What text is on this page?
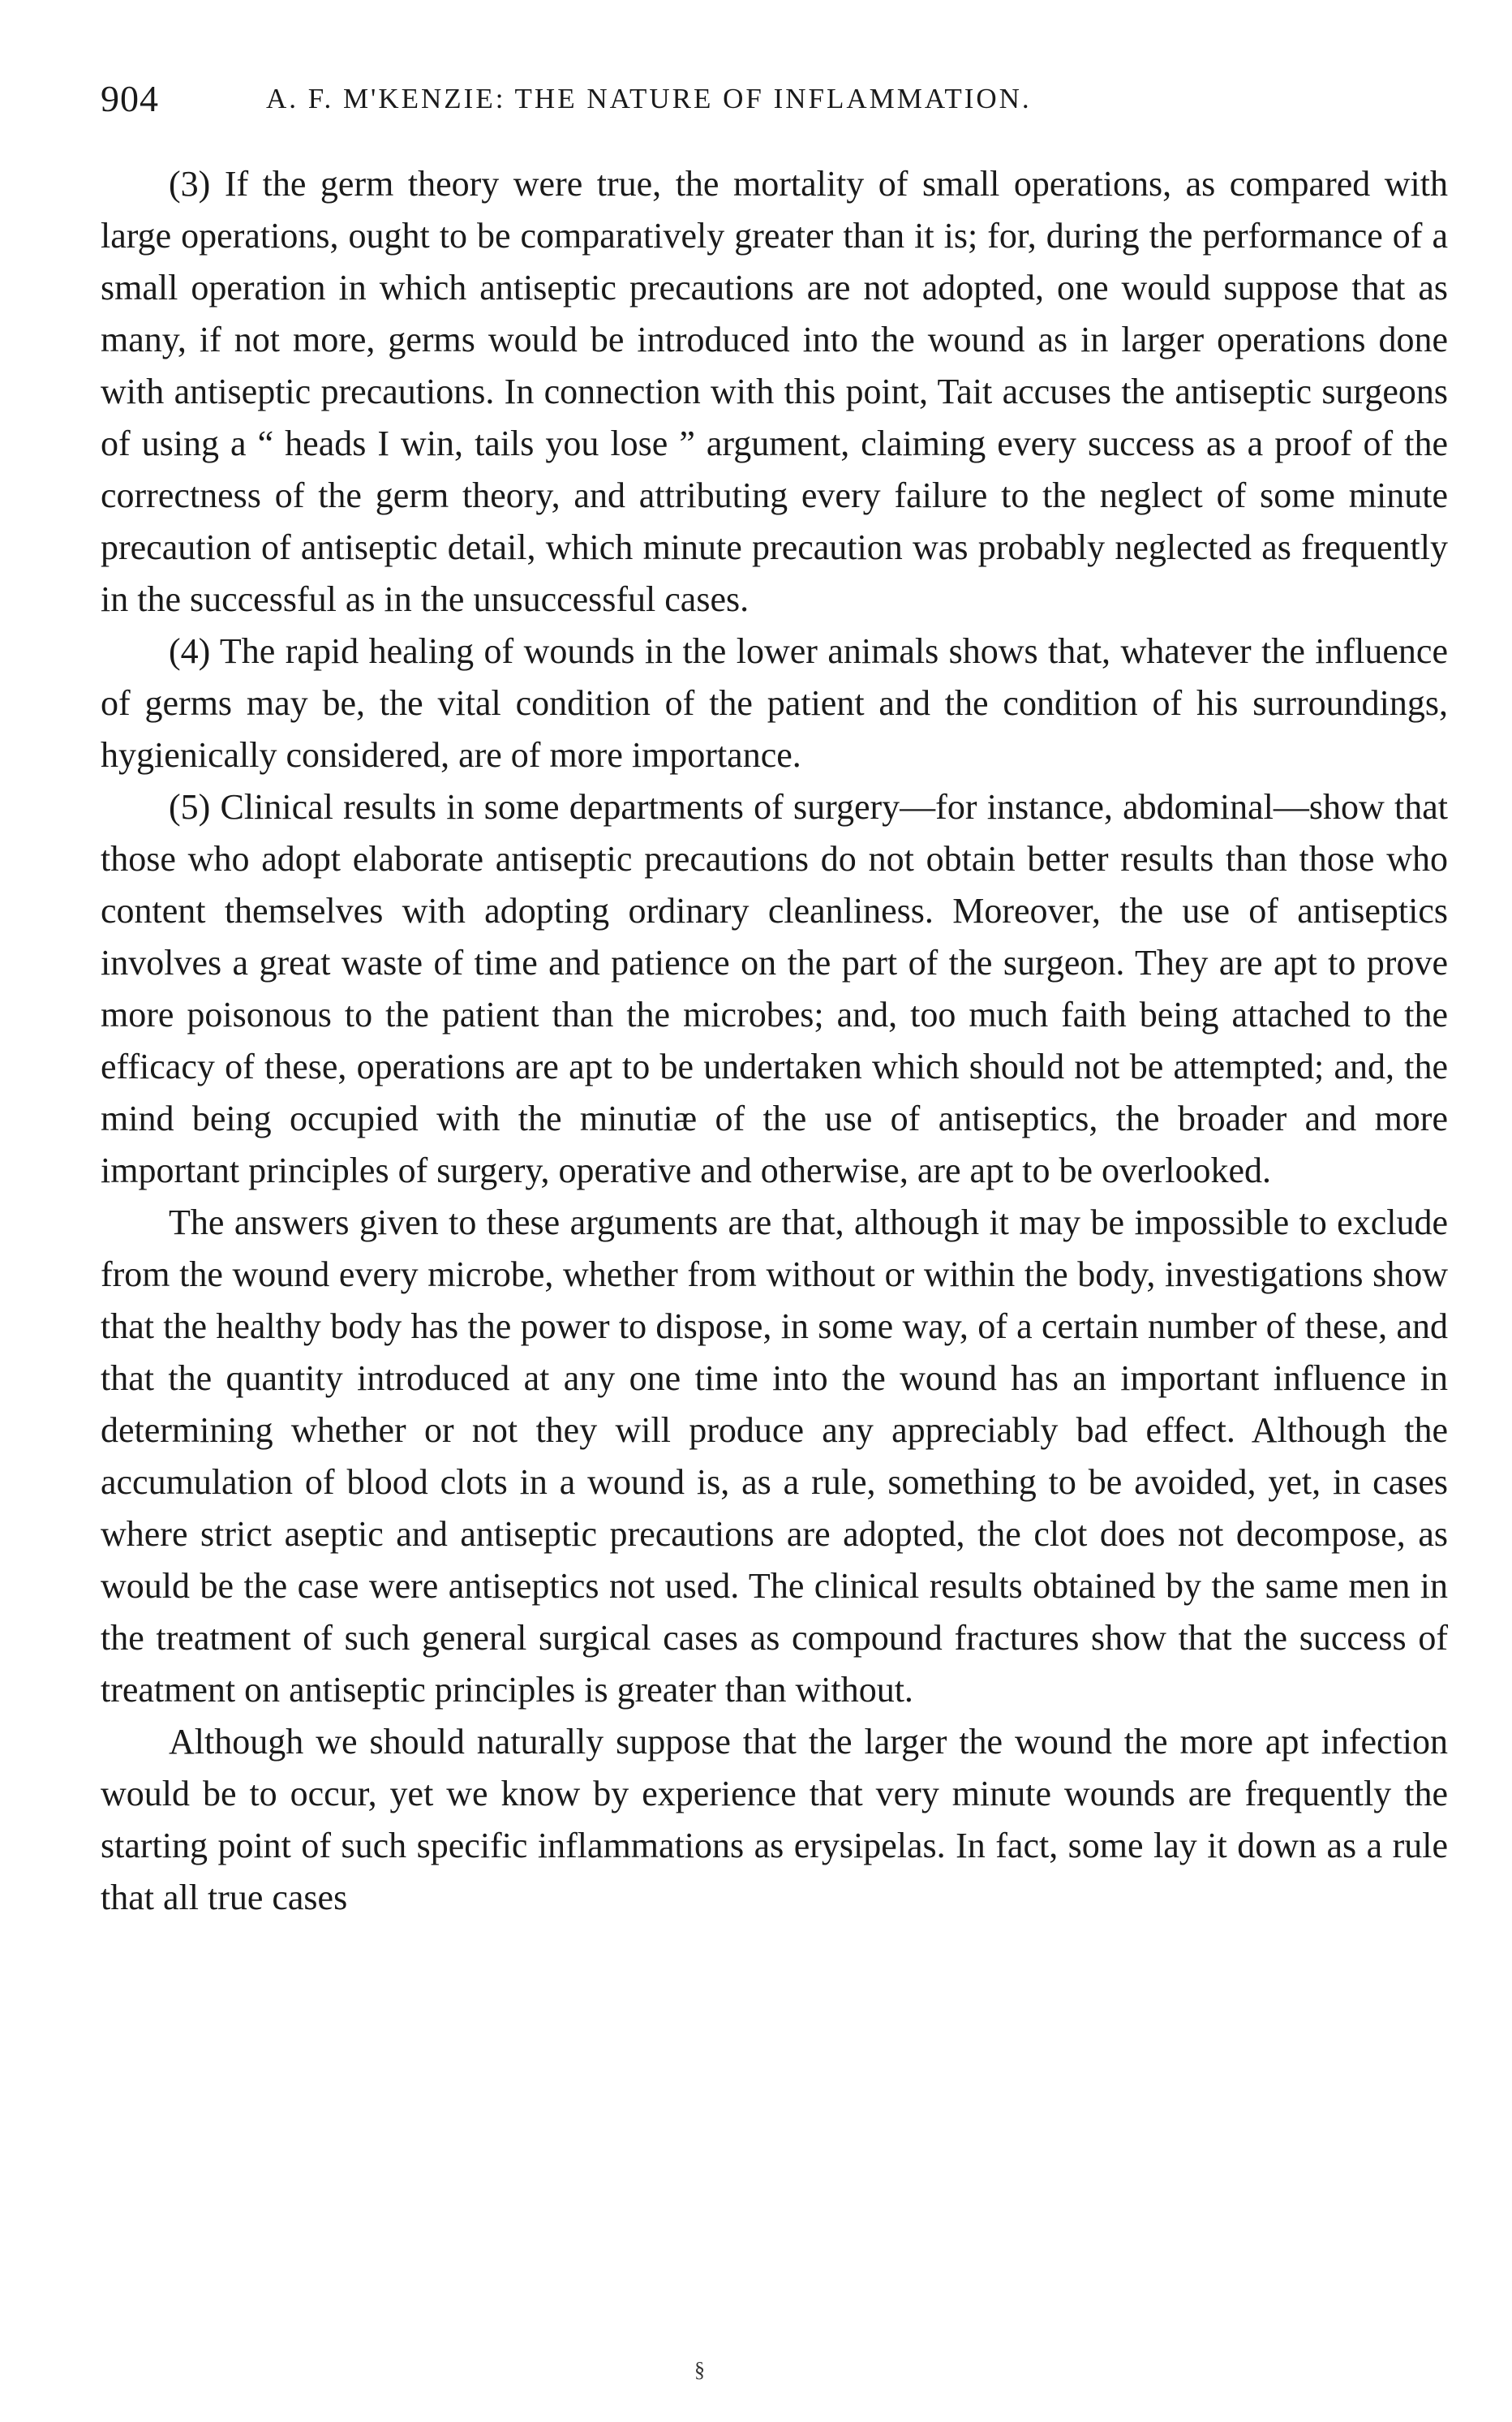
904	A. F. M'KENZIE: THE NATURE OF INFLAMMATION.

(3) If the germ theory were true, the mortality of small operations, as compared with large operations, ought to be comparatively greater than it is; for, during the performance of a small operation in which antiseptic precautions are not adopted, one would suppose that as many, if not more, germs would be introduced into the wound as in larger operations done with antiseptic precautions. In connection with this point, Tait accuses the antiseptic surgeons of using a “ heads I win, tails you lose ” argument, claiming every success as a proof of the correctness of the germ theory, and attributing every failure to the neglect of some minute precaution of antiseptic detail, which minute precaution was probably neglected as frequently in the successful as in the unsuccessful cases.

(4) The rapid healing of wounds in the lower animals shows that, whatever the influence of germs may be, the vital condition of the patient and the condition of his surroundings, hygienically considered, are of more importance.

(5) Clinical results in some departments of surgery—for instance, abdominal—show that those who adopt elaborate antiseptic precautions do not obtain better results than those who content themselves with adopting ordinary cleanliness. Moreover, the use of antiseptics involves a great waste of time and patience on the part of the surgeon. They are apt to prove more poisonous to the patient than the microbes; and, too much faith being attached to the efficacy of these, operations are apt to be undertaken which should not be attempted; and, the mind being occupied with the minutiæ of the use of antiseptics, the broader and more important principles of surgery, operative and otherwise, are apt to be overlooked.

The answers given to these arguments are that, although it may be impossible to exclude from the wound every microbe, whether from without or within the body, investigations show that the healthy body has the power to dispose, in some way, of a certain number of these, and that the quantity introduced at any one time into the wound has an important influence in determining whether or not they will produce any appreciably bad effect. Although the accumulation of blood clots in a wound is, as a rule, something to be avoided, yet, in cases where strict aseptic and antiseptic precautions are adopted, the clot does not decompose, as would be the case were antiseptics not used. The clinical results obtained by the same men in the treatment of such general surgical cases as compound fractures show that the success of treatment on antiseptic principles is greater than without.

Although we should naturally suppose that the larger the wound the more apt infection would be to occur, yet we know by experience that very minute wounds are frequently the starting point of such specific inflammations as erysipelas. In fact, some lay it down as a rule that all true cases

§
